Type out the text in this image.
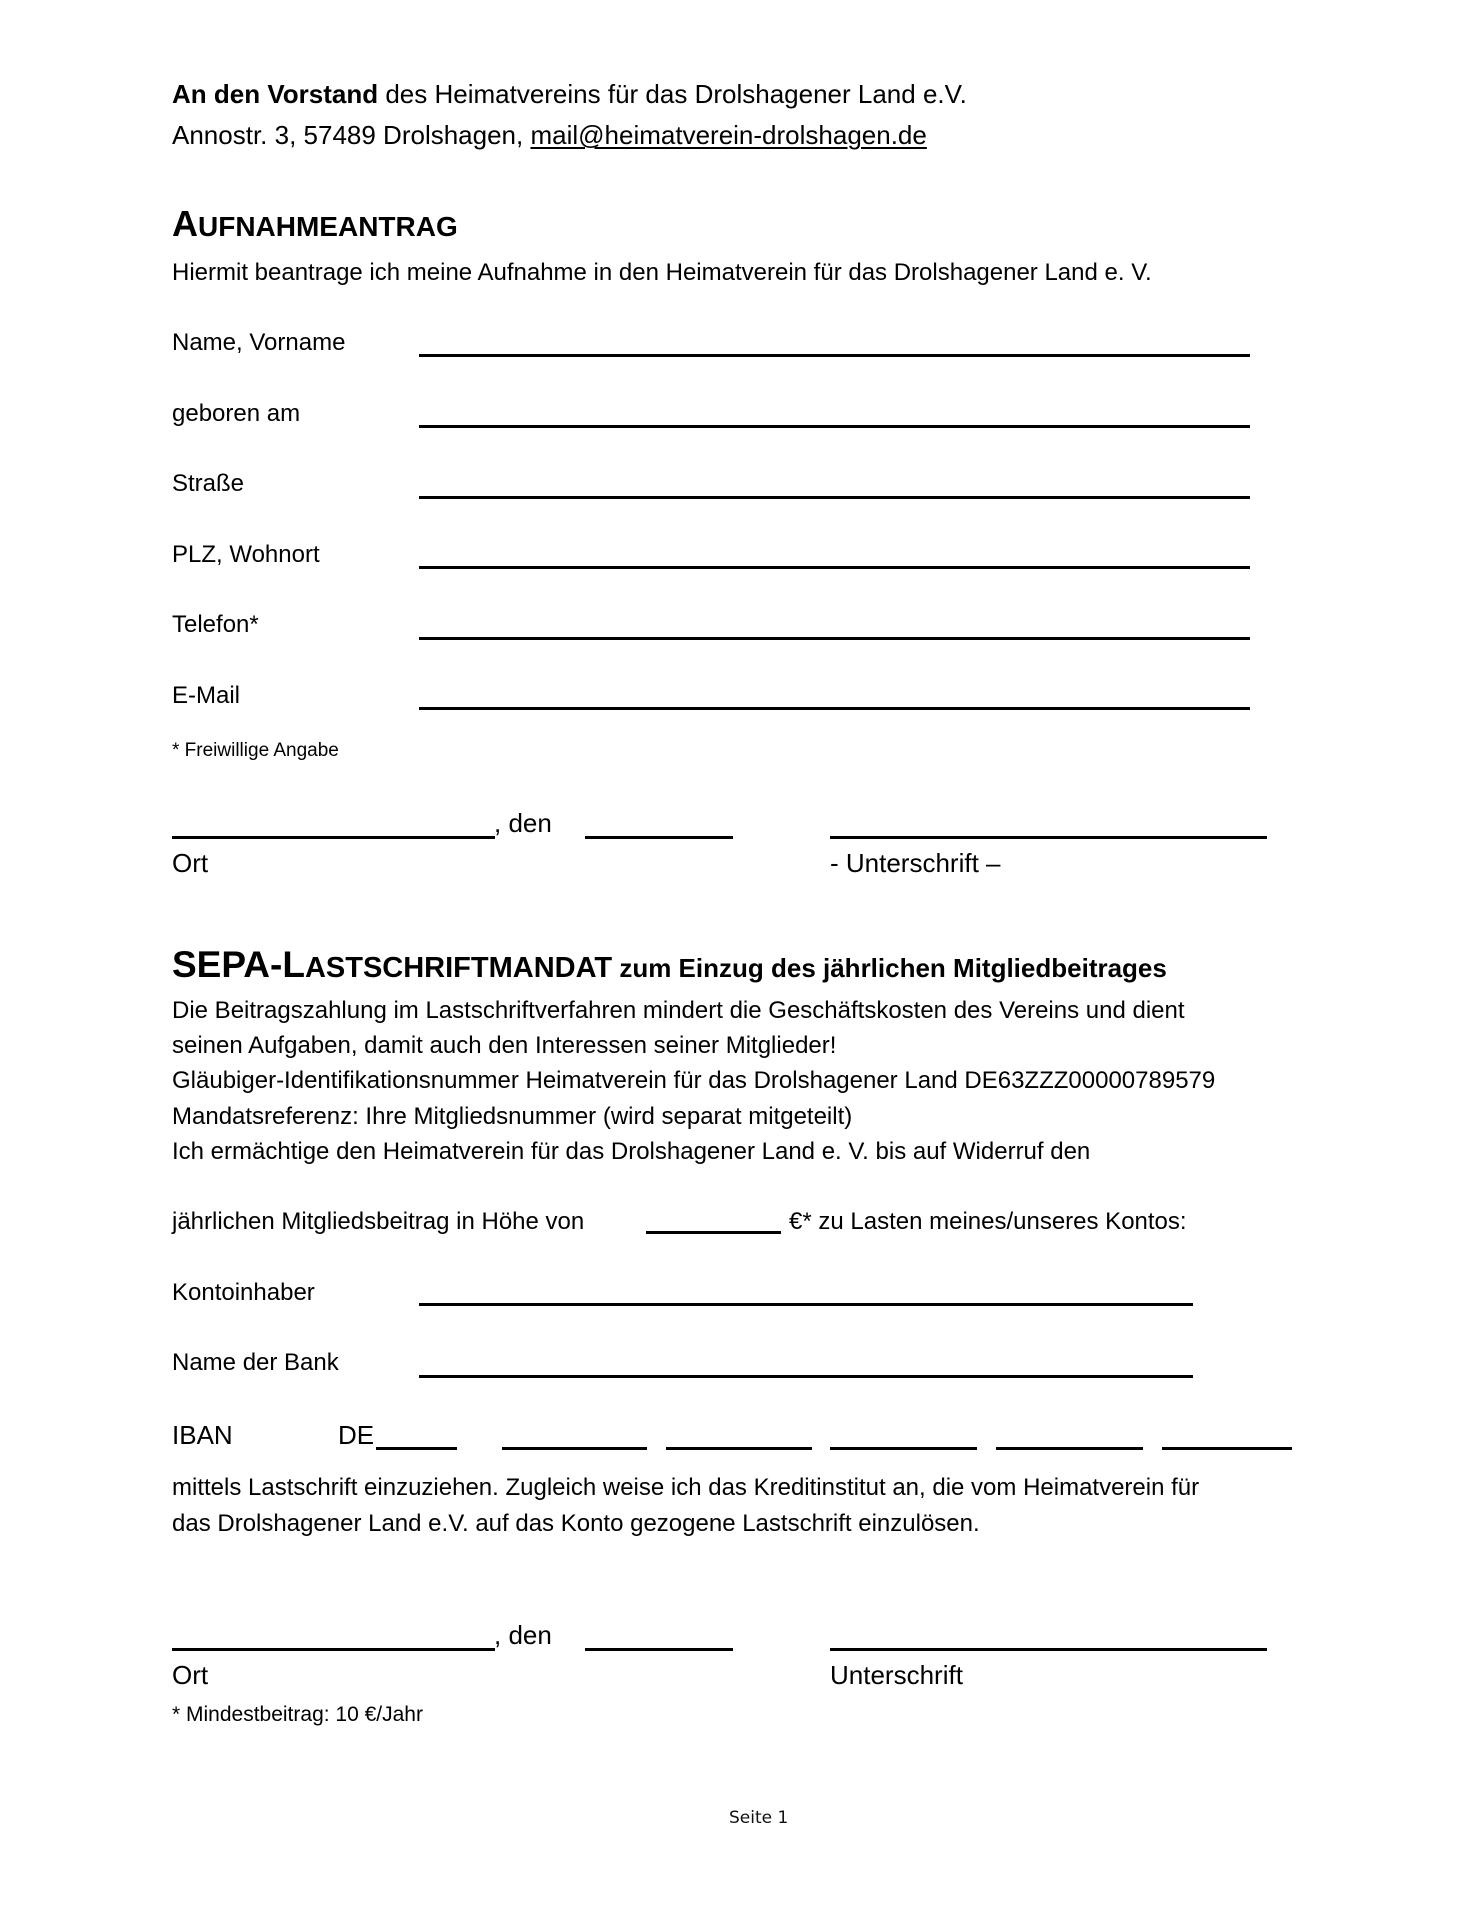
An den Vorstand des Heimatvereins für das Drolshagener Land e.V.
Annostr. 3, 57489 Drolshagen, mail@heimatverein-drolshagen.de
AUFNAHMEANTRAG
Hiermit beantrage ich meine Aufnahme in den Heimatverein für das Drolshagener Land e. V.
Name, Vorname
geboren am
Straße
PLZ, Wohnort
Telefon*
E-Mail
* Freiwillige Angabe
, den
Ort	- Unterschrift –
SEPA-LASTSCHRIFTMANDAT zum Einzug des jährlichen Mitgliedbeitrages
Die Beitragszahlung im Lastschriftverfahren mindert die Geschäftskosten des Vereins und dient
seinen Aufgaben, damit auch den Interessen seiner Mitglieder!
Gläubiger-Identifikationsnummer Heimatverein für das Drolshagener Land DE63ZZZ00000789579
Mandatsreferenz: Ihre Mitgliedsnummer (wird separat mitgeteilt)
Ich ermächtige den Heimatverein für das Drolshagener Land e. V. bis auf Widerruf den
jährlichen Mitgliedsbeitrag in Höhe von	€* zu Lasten meines/unseres Kontos:
Kontoinhaber
Name der Bank
IBAN	DE
mittels Lastschrift einzuziehen. Zugleich weise ich das Kreditinstitut an, die vom Heimatverein für
das Drolshagener Land e.V. auf das Konto gezogene Lastschrift einzulösen.
, den
Ort	Unterschrift
* Mindestbeitrag: 10 €/Jahr
Seite 1
